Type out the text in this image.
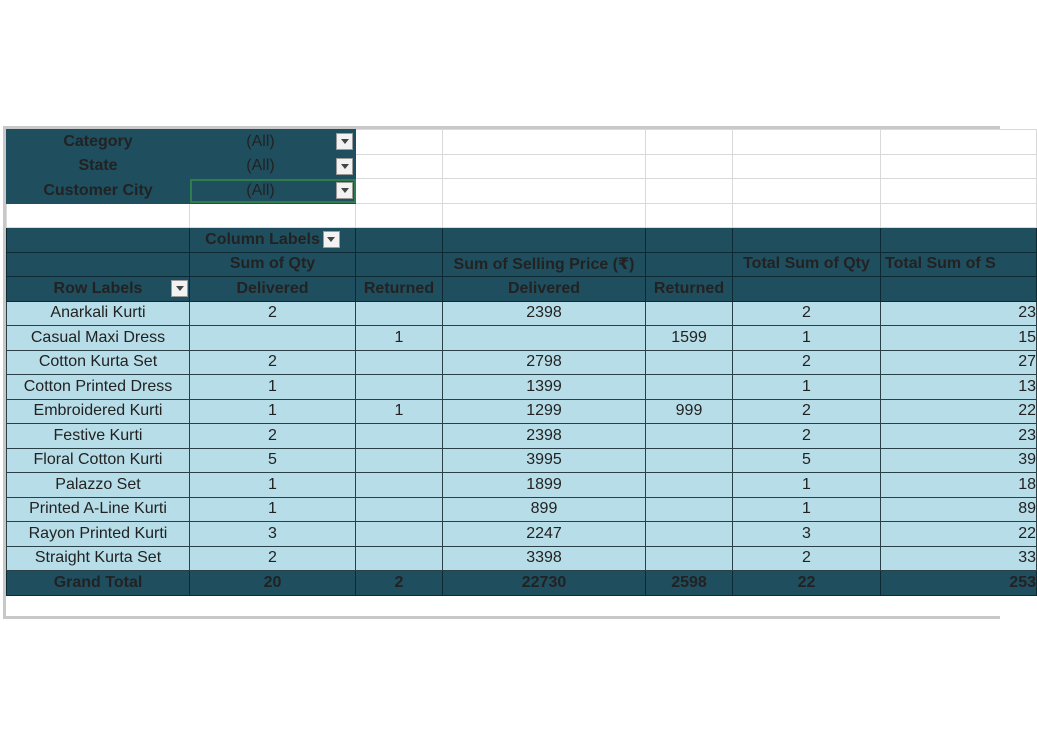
Category	(All)					

State	(All)					

Customer City	(All)					

	Column Labels					

	Sum of Qty		Sum of Selling Price (₹)		Total Sum of Qty	Total Sum of S
Row Labels	Delivered	Returned	Delivered	Returned		
Anarkali Kurti	2		2398		2	23
Casual Maxi Dress		1		1599	1	15
Cotton Kurta Set	2		2798		2	27
Cotton Printed Dress	1		1399		1	13
Embroidered Kurti	1	1	1299	999	2	22
Festive Kurti	2		2398		2	23
Floral Cotton Kurti	5		3995		5	39
Palazzo Set	1		1899		1	18
Printed A-Line Kurti	1		899		1	89
Rayon Printed Kurti	3		2247		3	22
Straight Kurta Set	2		3398		2	33
Grand Total	20	2	22730	2598	22	253
